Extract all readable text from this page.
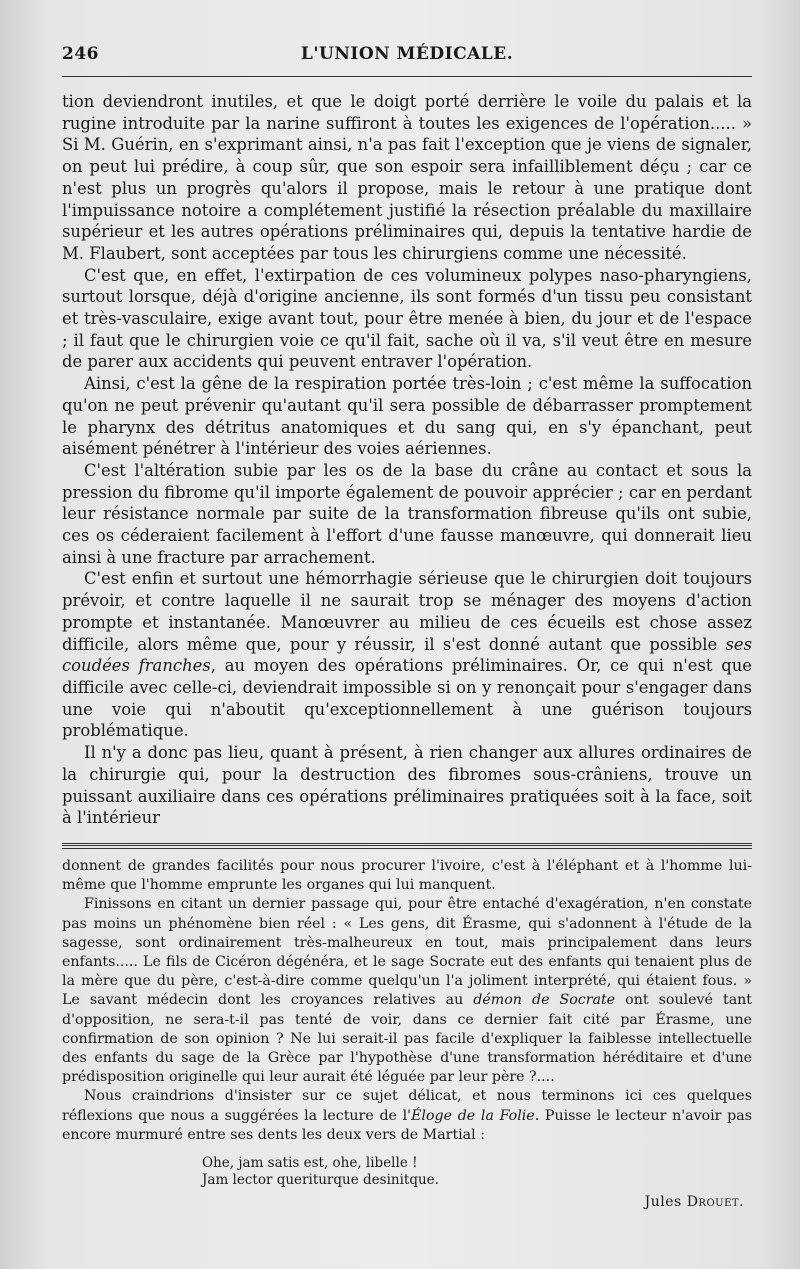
246	L'UNION MÉDICALE.

tion deviendront inutiles, et que le doigt porté derrière le voile du palais et la rugine introduite par la narine suffiront à toutes les exigences de l'opération..... » Si M. Guérin, en s'exprimant ainsi, n'a pas fait l'exception que je viens de signaler, on peut lui prédire, à coup sûr, que son espoir sera infailliblement déçu ; car ce n'est plus un progrès qu'alors il propose, mais le retour à une pratique dont l'impuissance notoire a complétement justifié la résection préalable du maxillaire supérieur et les autres opérations préliminaires qui, depuis la tentative hardie de M. Flaubert, sont acceptées par tous les chirurgiens comme une nécessité.

C'est que, en effet, l'extirpation de ces volumineux polypes naso-pharyngiens, surtout lorsque, déjà d'origine ancienne, ils sont formés d'un tissu peu consistant et très-vasculaire, exige avant tout, pour être menée à bien, du jour et de l'espace ; il faut que le chirurgien voie ce qu'il fait, sache où il va, s'il veut être en mesure de parer aux accidents qui peuvent entraver l'opération.

Ainsi, c'est la gêne de la respiration portée très-loin ; c'est même la suffocation qu'on ne peut prévenir qu'autant qu'il sera possible de débarrasser promptement le pharynx des détritus anatomiques et du sang qui, en s'y épanchant, peut aisément pénétrer à l'intérieur des voies aériennes.

C'est l'altération subie par les os de la base du crâne au contact et sous la pression du fibrome qu'il importe également de pouvoir apprécier ; car en perdant leur résistance normale par suite de la transformation fibreuse qu'ils ont subie, ces os céderaient facilement à l'effort d'une fausse manœuvre, qui donnerait lieu ainsi à une fracture par arrachement.

C'est enfin et surtout une hémorrhagie sérieuse que le chirurgien doit toujours prévoir, et contre laquelle il ne saurait trop se ménager des moyens d'action prompte et instantanée. Manœuvrer au milieu de ces écueils est chose assez difficile, alors même que, pour y réussir, il s'est donné autant que possible ses coudées franches, au moyen des opérations préliminaires. Or, ce qui n'est que difficile avec celle-ci, deviendrait impossible si on y renonçait pour s'engager dans une voie qui n'aboutit qu'exceptionnellement à une guérison toujours problématique.

Il n'y a donc pas lieu, quant à présent, à rien changer aux allures ordinaires de la chirurgie qui, pour la destruction des fibromes sous-crâniens, trouve un puissant auxiliaire dans ces opérations préliminaires pratiquées soit à la face, soit à l'intérieur

donnent de grandes facilités pour nous procurer l'ivoire, c'est à l'éléphant et à l'homme lui-même que l'homme emprunte les organes qui lui manquent.

Finissons en citant un dernier passage qui, pour être entaché d'exagération, n'en constate pas moins un phénomène bien réel : « Les gens, dit Érasme, qui s'adonnent à l'étude de la sagesse, sont ordinairement très-malheureux en tout, mais principalement dans leurs enfants..... Le fils de Cicéron dégénéra, et le sage Socrate eut des enfants qui tenaient plus de la mère que du père, c'est-à-dire comme quelqu'un l'a joliment interprété, qui étaient fous. » Le savant médecin dont les croyances relatives au démon de Socrate ont soulevé tant d'opposition, ne sera-t-il pas tenté de voir, dans ce dernier fait cité par Érasme, une confirmation de son opinion ? Ne lui serait-il pas facile d'expliquer la faiblesse intellectuelle des enfants du sage de la Grèce par l'hypothèse d'une transformation héréditaire et d'une prédisposition originelle qui leur aurait été léguée par leur père ?....

Nous craindrions d'insister sur ce sujet délicat, et nous terminons ici ces quelques réflexions que nous a suggérées la lecture de l'Éloge de la Folie. Puisse le lecteur n'avoir pas encore murmuré entre ses dents les deux vers de Martial :

Ohe, jam satis est, ohe, libelle !
Jam lector queriturque desinitque.
Jules Drouet.
